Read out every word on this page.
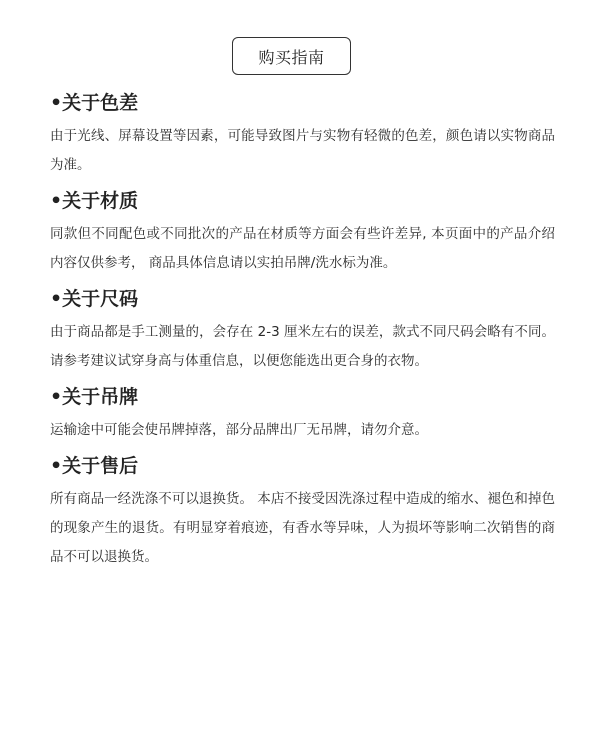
购买指南
•关于色差

由于光线、屏幕设置等因素，可能导致图片与实物有轻微的色差，颜色请以实物商品为准。

•关于材质

同款但不同配色或不同批次的产品在材质等方面会有些许差异, 本页面中的产品介绍内容仅供参考， 商品具体信息请以实拍吊牌/洗水标为准。

•关于尺码

由于商品都是手工测量的，会存在 2-3 厘米左右的误差，款式不同尺码会略有不同。请参考建议试穿身高与体重信息，以便您能选出更合身的衣物。

•关于吊牌

运输途中可能会使吊牌掉落，部分品牌出厂无吊牌，请勿介意。

•关于售后

所有商品一经洗涤不可以退换货。 本店不接受因洗涤过程中造成的缩水、褪色和掉色的现象产生的退货。有明显穿着痕迹，有香水等异味，人为损坏等影响二次销售的商品不可以退换货。
